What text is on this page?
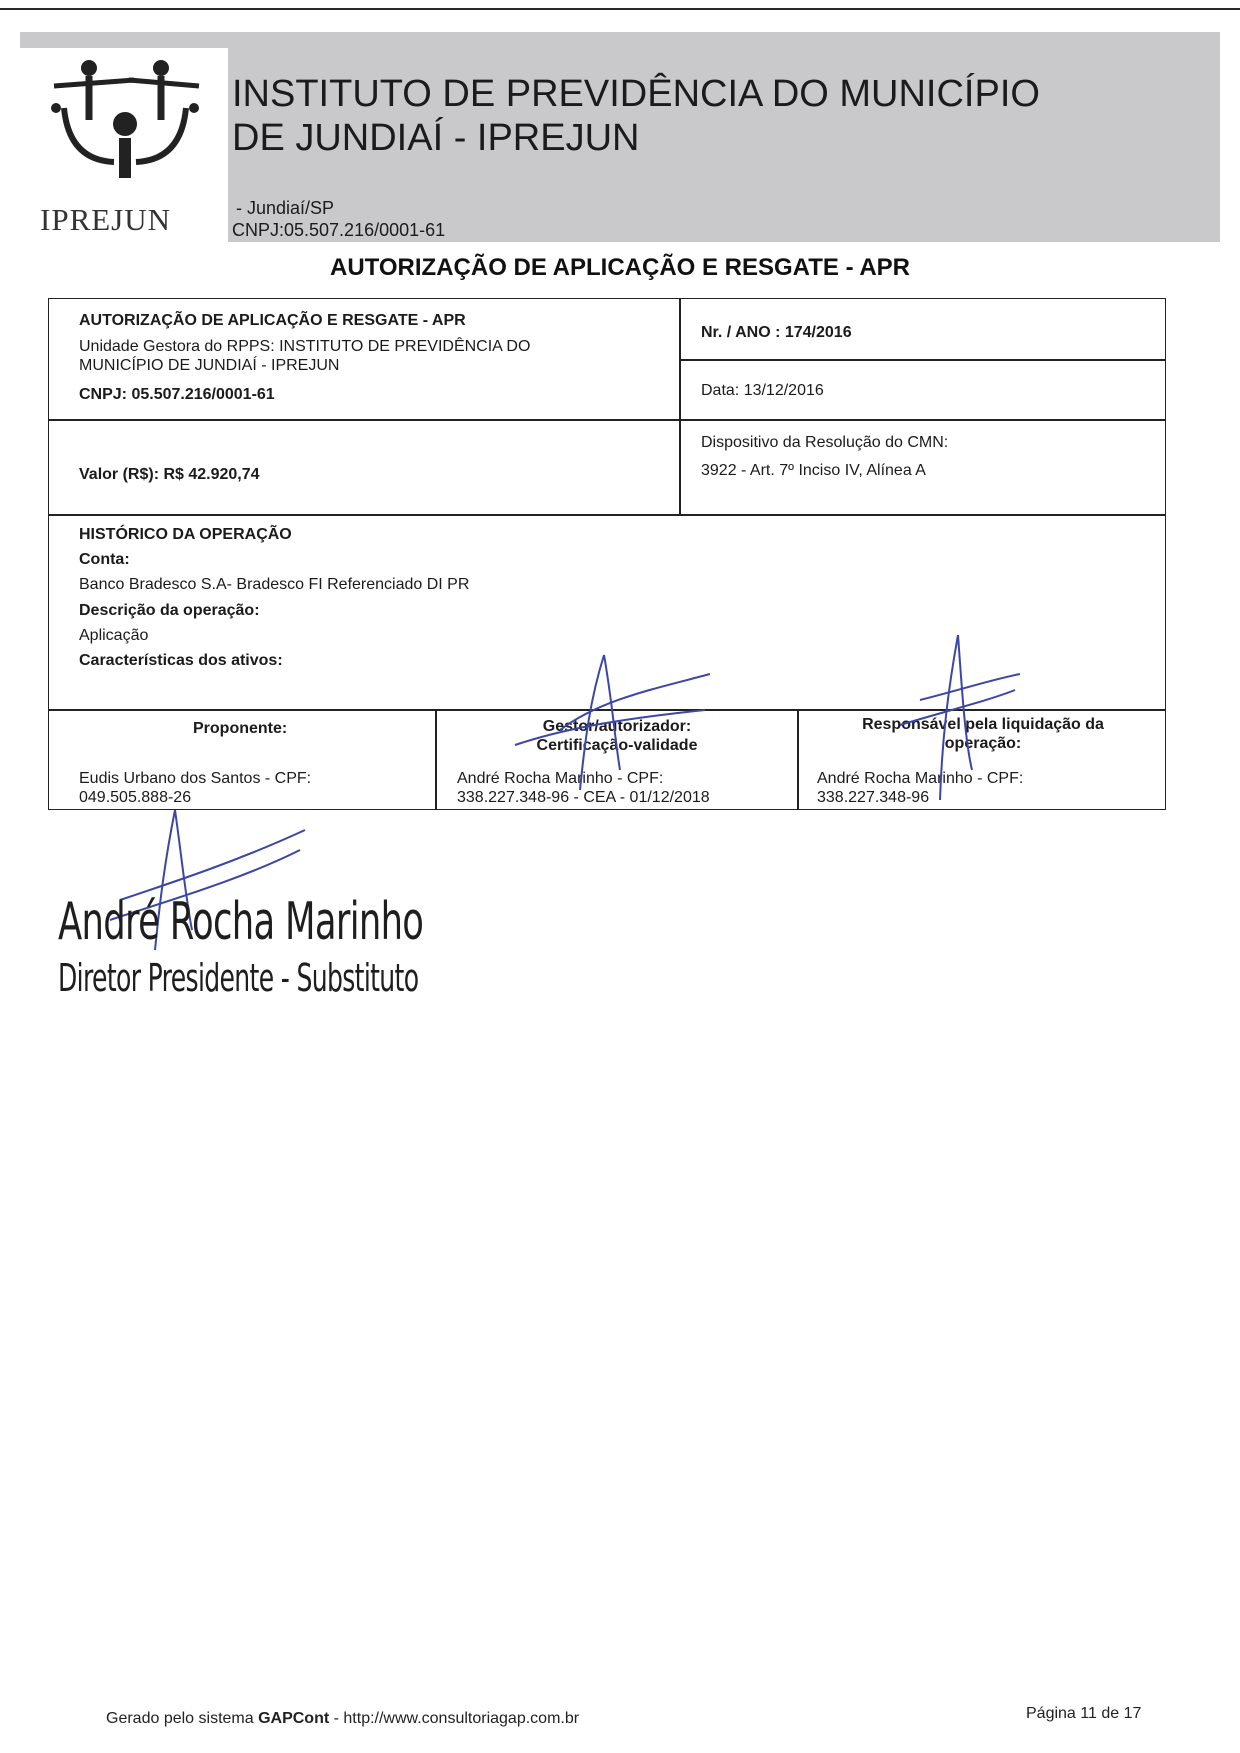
IPREJUN
INSTITUTO DE PREVIDÊNCIA DO MUNICÍPIO
DE JUNDIAÍ - IPREJUN
- Jundiaí/SP
CNPJ:05.507.216/0001-61
AUTORIZAÇÃO DE APLICAÇÃO E RESGATE - APR
AUTORIZAÇÃO DE APLICAÇÃO E RESGATE - APR
Unidade Gestora do RPPS: INSTITUTO DE PREVIDÊNCIA DO
MUNICÍPIO DE JUNDIAÍ - IPREJUN
CNPJ: 05.507.216/0001-61
Nr. / ANO : 174/2016
Data: 13/12/2016
Valor (R$): R$ 42.920,74
Dispositivo da Resolução do CMN:
3922 - Art. 7º Inciso IV, Alínea A
HISTÓRICO DA OPERAÇÃO
Conta:
Banco Bradesco S.A- Bradesco FI Referenciado DI PR
Descrição da operação:
Aplicação
Características dos ativos:
Proponente:
Eudis Urbano dos Santos - CPF:
049.505.888-26
Gestor/autorizador:
Certificação-validade
André Rocha Marinho - CPF:
338.227.348-96 - CEA - 01/12/2018
Responsável pela liquidação da
operação:
André Rocha Marinho - CPF:
338.227.348-96
André Rocha Marinho
Diretor Presidente - Substituto
Gerado pelo sistema GAPCont - http://www.consultoriagap.com.br	Página 11 de 17
